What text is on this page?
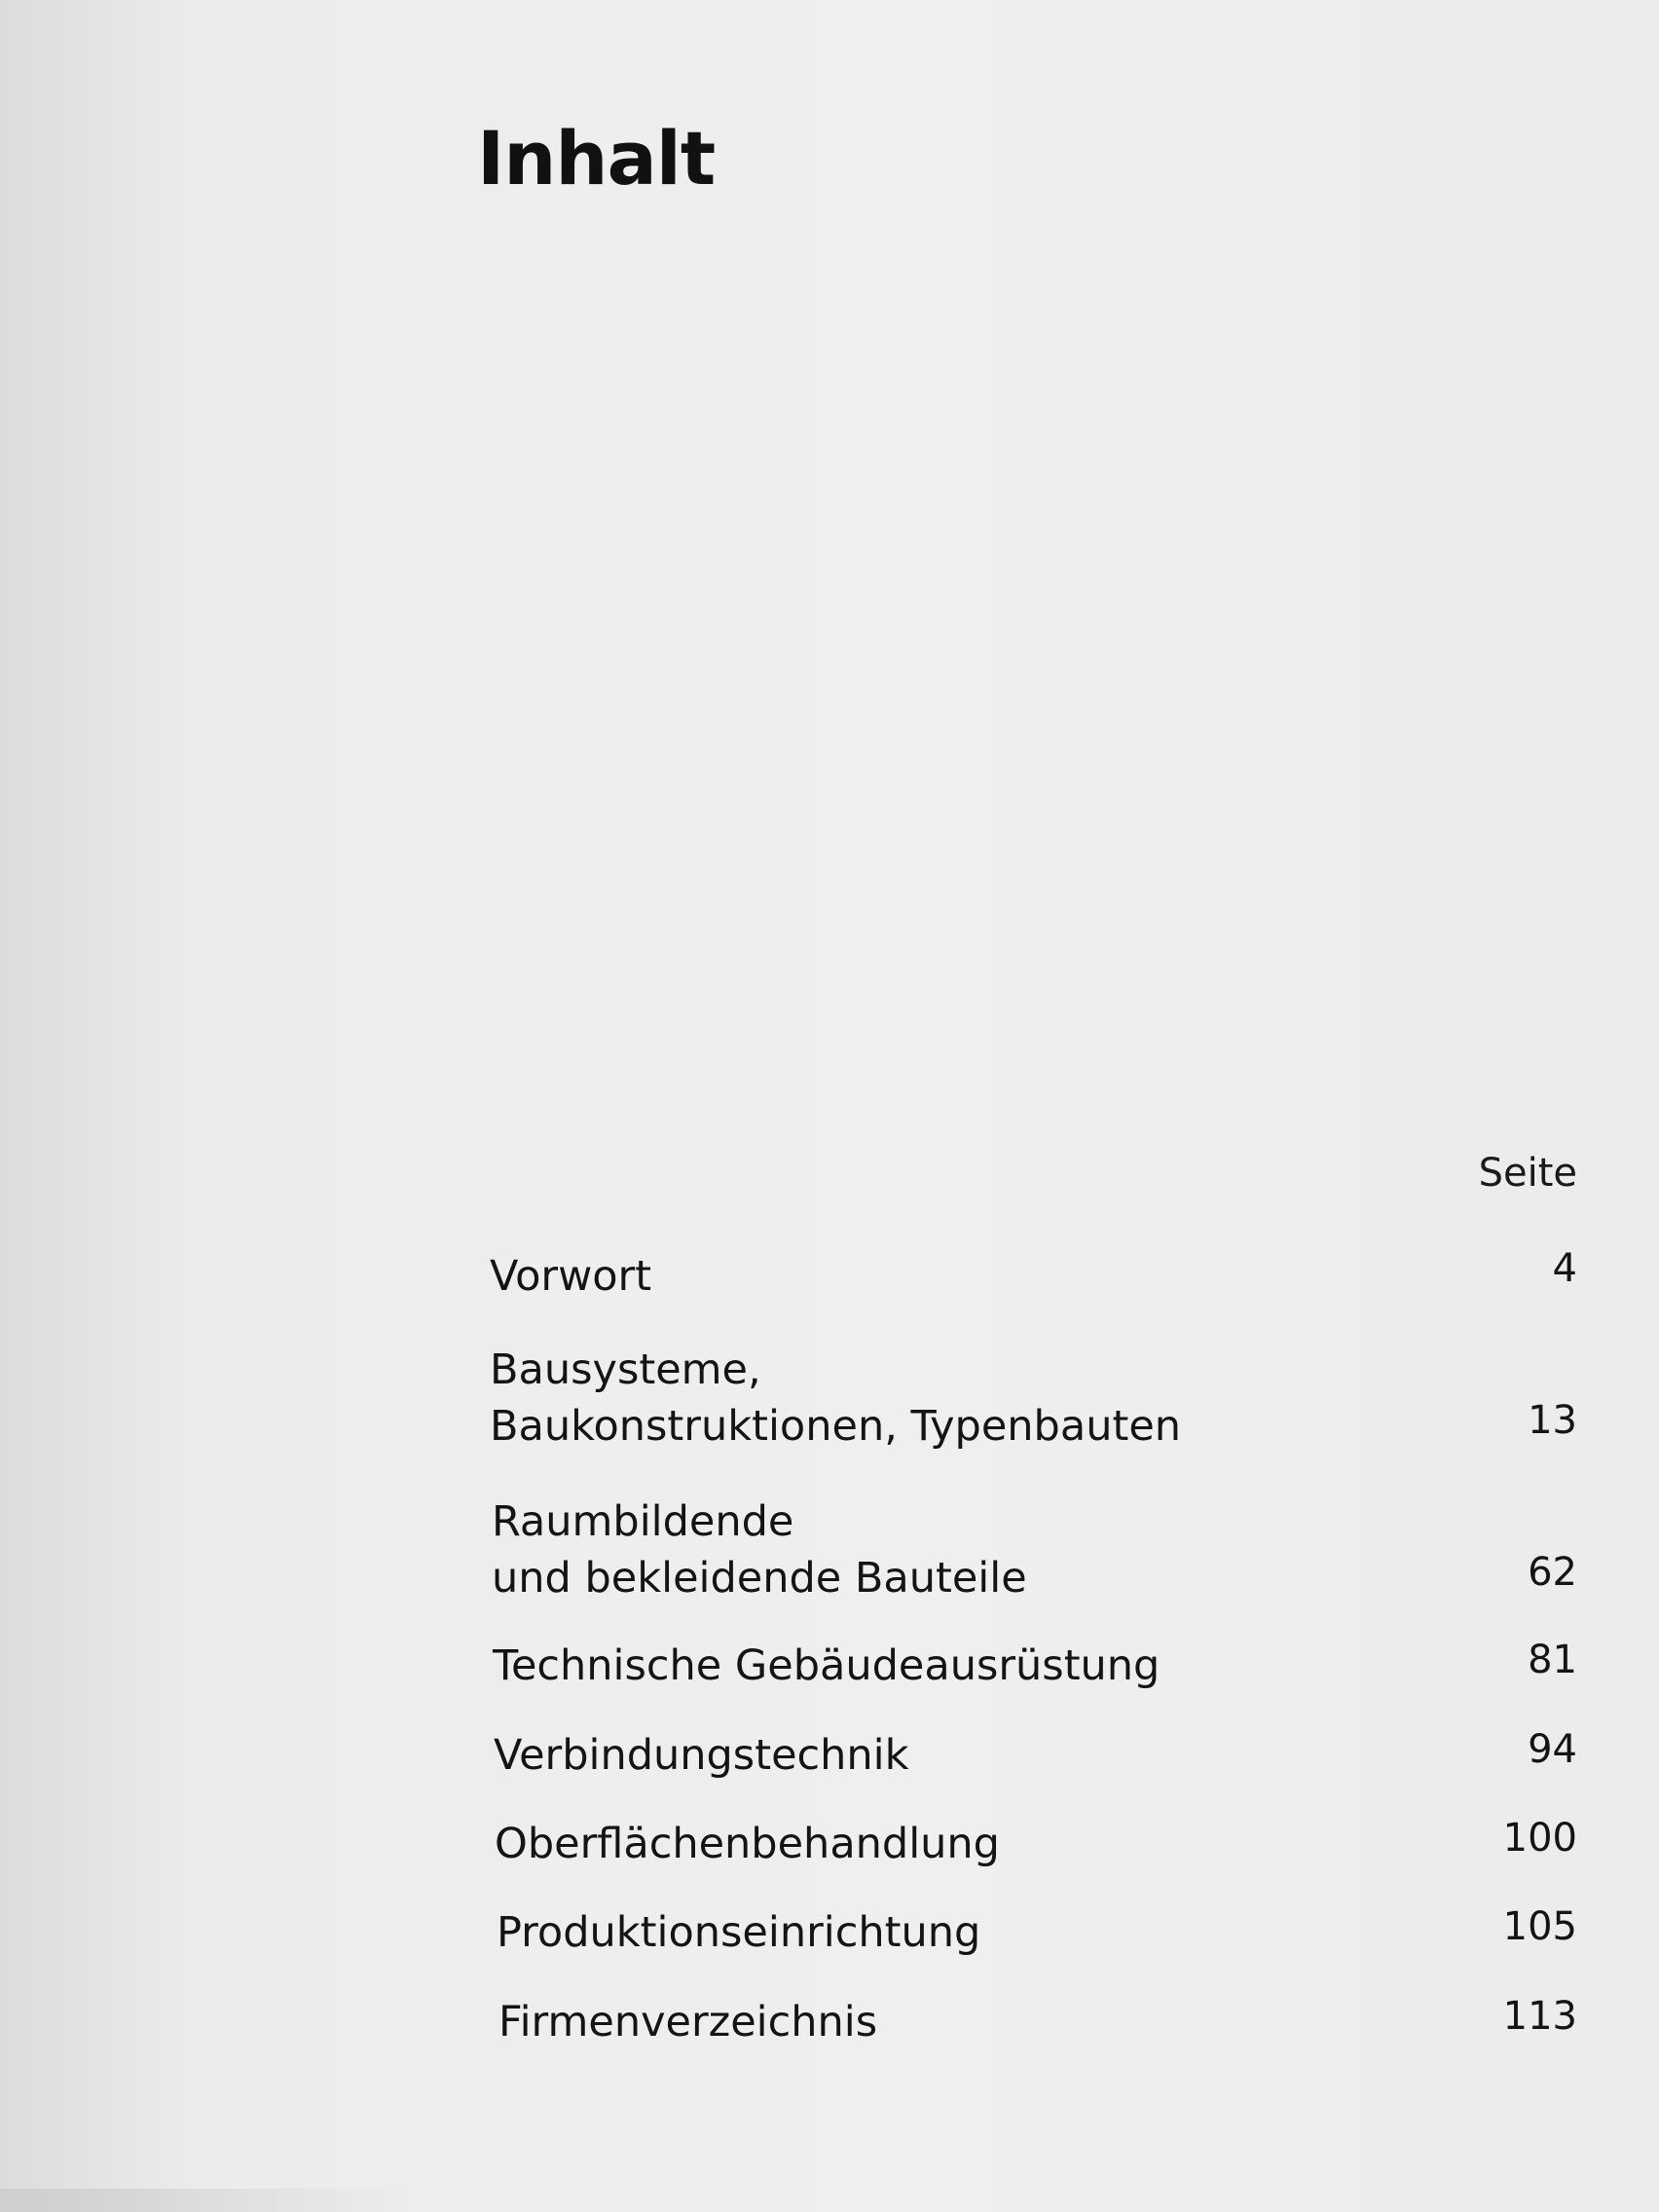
Inhalt
Seite
Vorwort	4
Bausysteme,
Baukonstruktionen, Typenbauten	13
Raumbildende
und bekleidende Bauteile	62
Technische Gebäudeausrüstung	81
Verbindungstechnik	94
Oberflächenbehandlung	100
Produktionseinrichtung	105
Firmenverzeichnis	113
